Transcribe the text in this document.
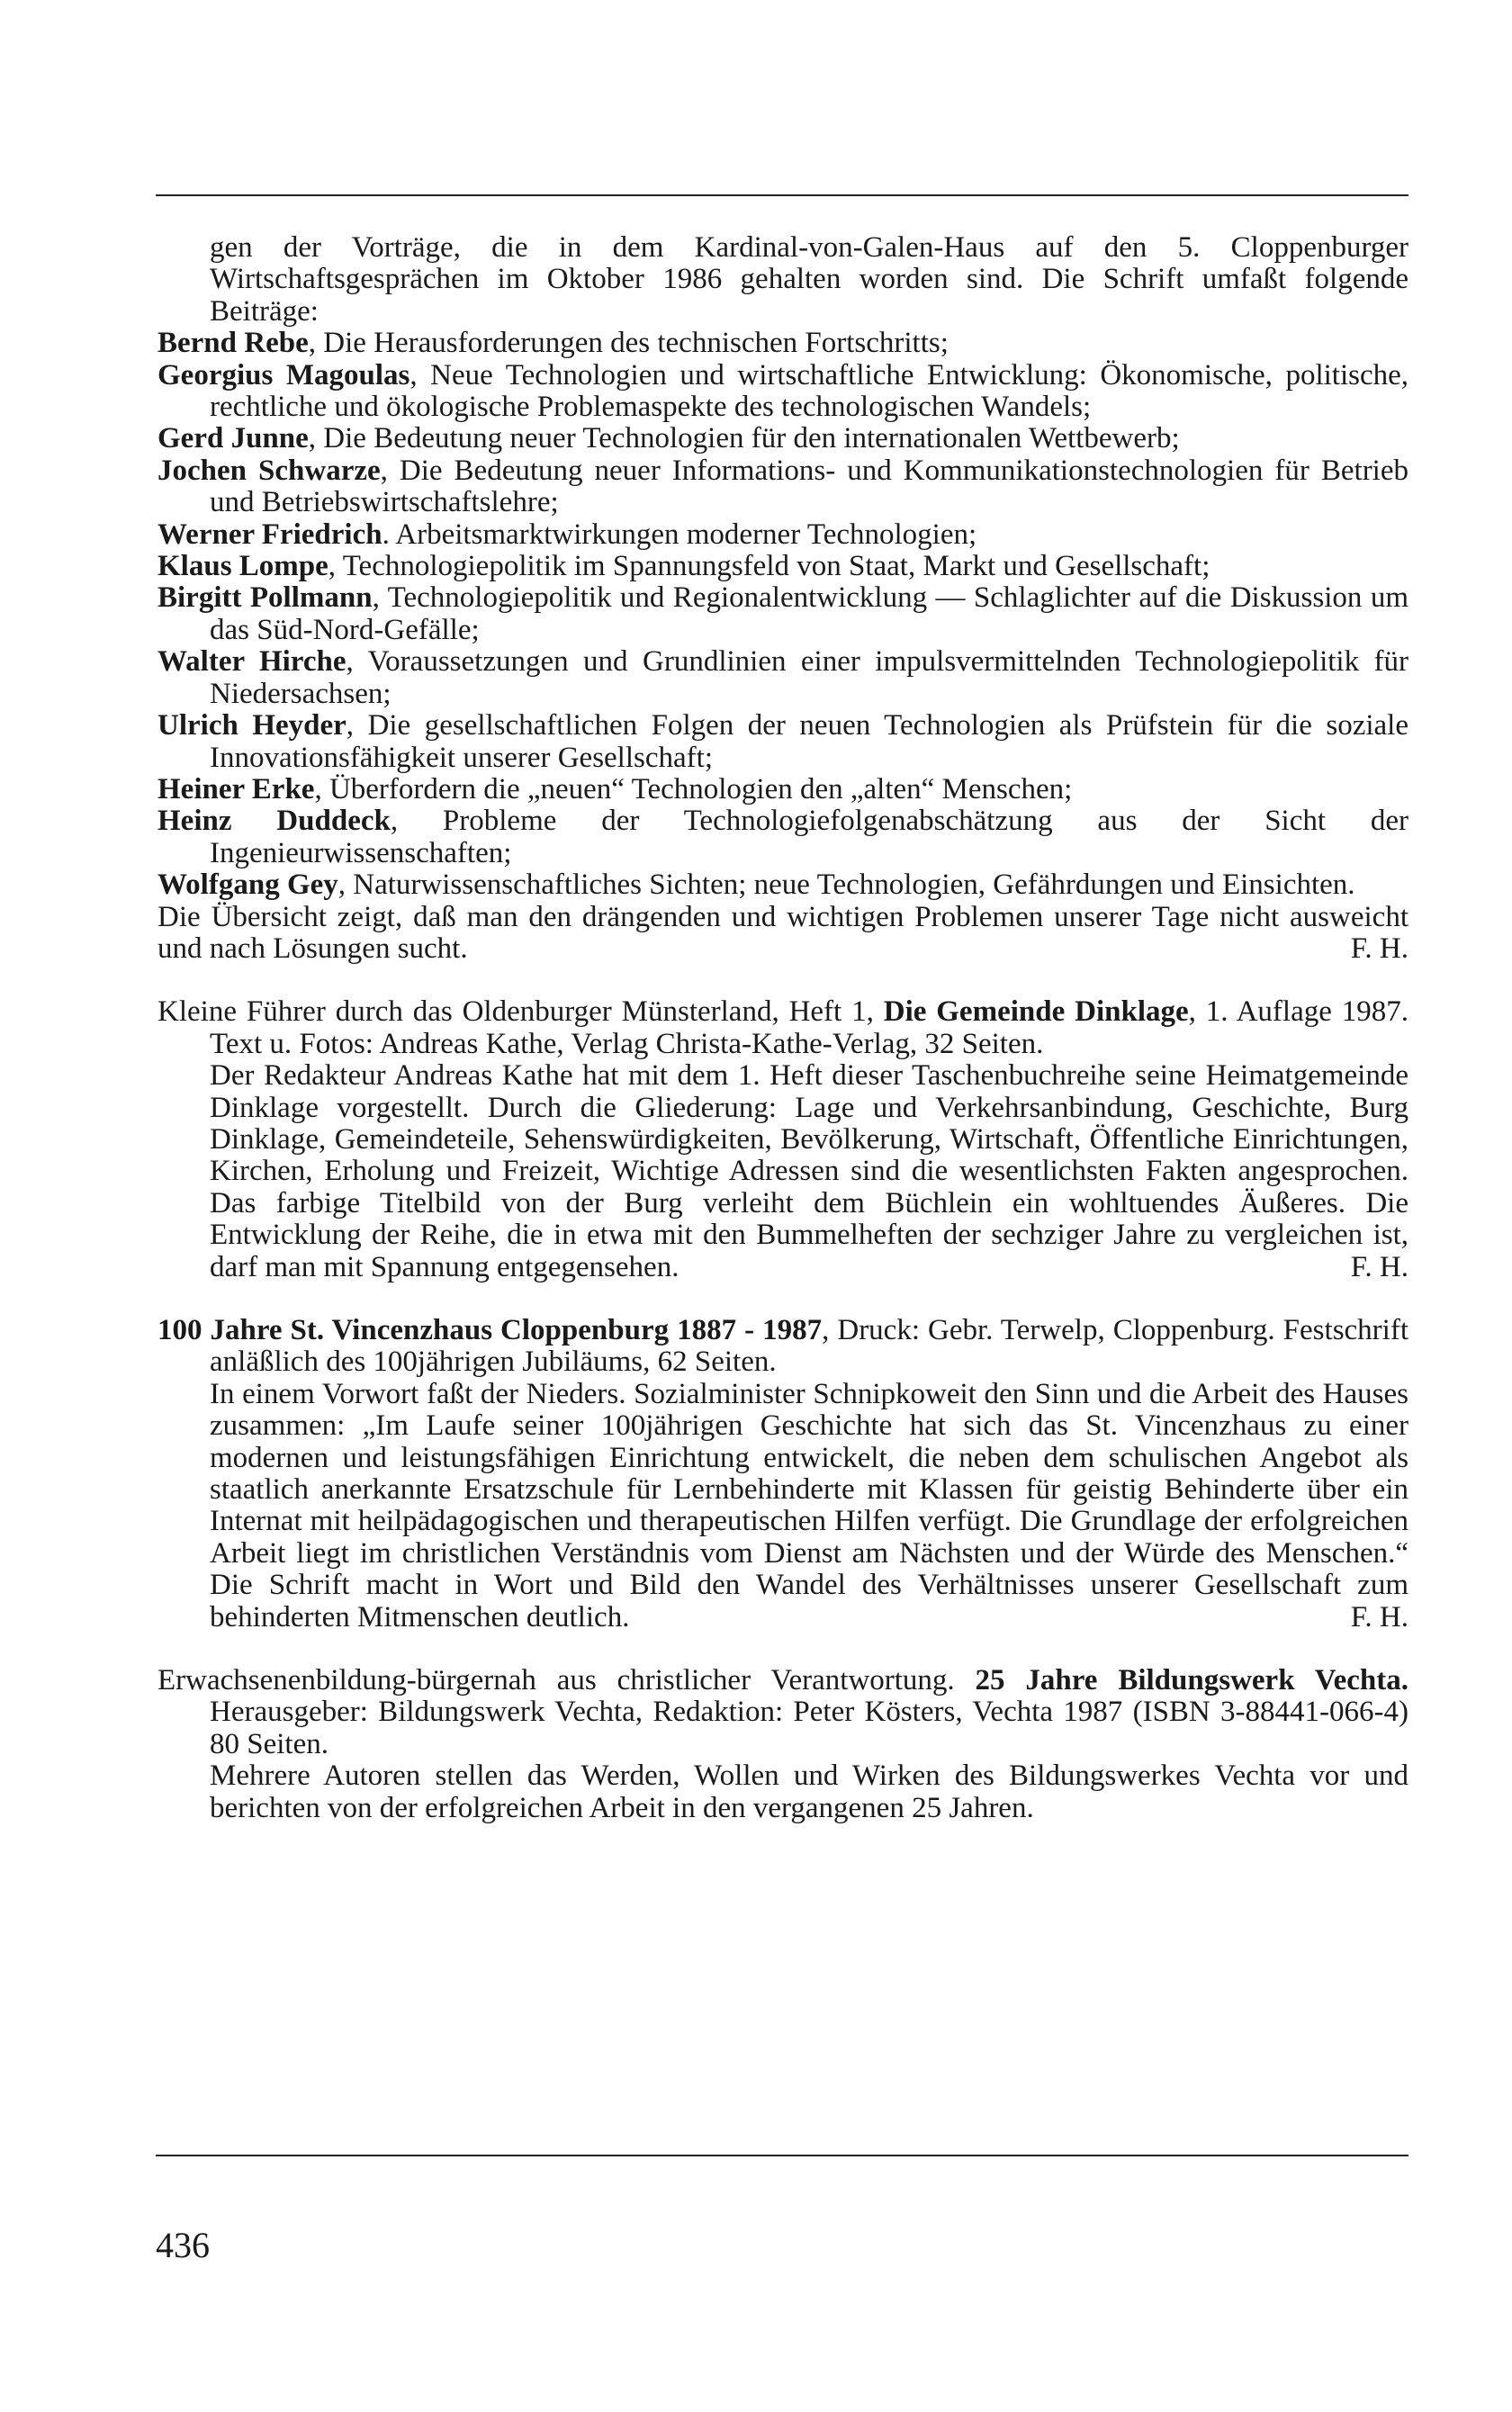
gen der Vorträge, die in dem Kardinal-von-Galen-Haus auf den 5. Cloppenburger Wirtschaftsgesprächen im Oktober 1986 gehalten worden sind. Die Schrift umfaßt folgende Beiträge:

Bernd Rebe, Die Herausforderungen des technischen Fortschritts;

Georgius Magoulas, Neue Technologien und wirtschaftliche Entwicklung: Ökonomische, politische, rechtliche und ökologische Problemaspekte des technologischen Wandels;

Gerd Junne, Die Bedeutung neuer Technologien für den internationalen Wettbewerb;

Jochen Schwarze, Die Bedeutung neuer Informations- und Kommunikationstechnologien für Betrieb und Betriebswirtschaftslehre;

Werner Friedrich. Arbeitsmarktwirkungen moderner Technologien;

Klaus Lompe, Technologiepolitik im Spannungsfeld von Staat, Markt und Gesellschaft;

Birgitt Pollmann, Technologiepolitik und Regionalentwicklung — Schlaglichter auf die Diskussion um das Süd-Nord-Gefälle;

Walter Hirche, Voraussetzungen und Grundlinien einer impulsvermittelnden Technologiepolitik für Niedersachsen;

Ulrich Heyder, Die gesellschaftlichen Folgen der neuen Technologien als Prüfstein für die soziale Innovationsfähigkeit unserer Gesellschaft;

Heiner Erke, Überfordern die „neuen“ Technologien den „alten“ Menschen;

Heinz Duddeck, Probleme der Technologiefolgenabschätzung aus der Sicht der Ingenieurwissenschaften;

Wolfgang Gey, Naturwissenschaftliches Sichten; neue Technologien, Gefährdungen und Einsichten.

Die Übersicht zeigt, daß man den drängenden und wichtigen Problemen unserer Tage nicht ausweicht und nach Lösungen sucht.	F. H.

Kleine Führer durch das Oldenburger Münsterland, Heft 1, Die Gemeinde Dinklage, 1. Auflage 1987. Text u. Fotos: Andreas Kathe, Verlag Christa-Kathe-Verlag, 32 Seiten.

Der Redakteur Andreas Kathe hat mit dem 1. Heft dieser Taschenbuchreihe seine Heimatgemeinde Dinklage vorgestellt. Durch die Gliederung: Lage und Verkehrsanbindung, Geschichte, Burg Dinklage, Gemeindeteile, Sehenswürdigkeiten, Bevölkerung, Wirtschaft, Öffentliche Einrichtungen, Kirchen, Erholung und Freizeit, Wichtige Adressen sind die wesentlichsten Fakten angesprochen. Das farbige Titelbild von der Burg verleiht dem Büchlein ein wohltuendes Äußeres. Die Entwicklung der Reihe, die in etwa mit den Bummelheften der sechziger Jahre zu vergleichen ist, darf man mit Spannung entgegensehen.	F. H.

100 Jahre St. Vincenzhaus Cloppenburg 1887 - 1987, Druck: Gebr. Terwelp, Cloppenburg. Festschrift anläßlich des 100jährigen Jubiläums, 62 Seiten.

In einem Vorwort faßt der Nieders. Sozialminister Schnipkoweit den Sinn und die Arbeit des Hauses zusammen: „Im Laufe seiner 100jährigen Geschichte hat sich das St. Vincenzhaus zu einer modernen und leistungsfähigen Einrichtung entwickelt, die neben dem schulischen Angebot als staatlich anerkannte Ersatzschule für Lernbehinderte mit Klassen für geistig Behinderte über ein Internat mit heilpädagogischen und therapeutischen Hilfen verfügt. Die Grundlage der erfolgreichen Arbeit liegt im christlichen Verständnis vom Dienst am Nächsten und der Würde des Menschen.“ Die Schrift macht in Wort und Bild den Wandel des Verhältnisses unserer Gesellschaft zum behinderten Mitmenschen deutlich.	F. H.

Erwachsenenbildung-bürgernah aus christlicher Verantwortung. 25 Jahre Bildungswerk Vechta. Herausgeber: Bildungswerk Vechta, Redaktion: Peter Kösters, Vechta 1987 (ISBN 3-88441-066-4) 80 Seiten.

Mehrere Autoren stellen das Werden, Wollen und Wirken des Bildungswerkes Vechta vor und berichten von der erfolgreichen Arbeit in den vergangenen 25 Jahren.

436
